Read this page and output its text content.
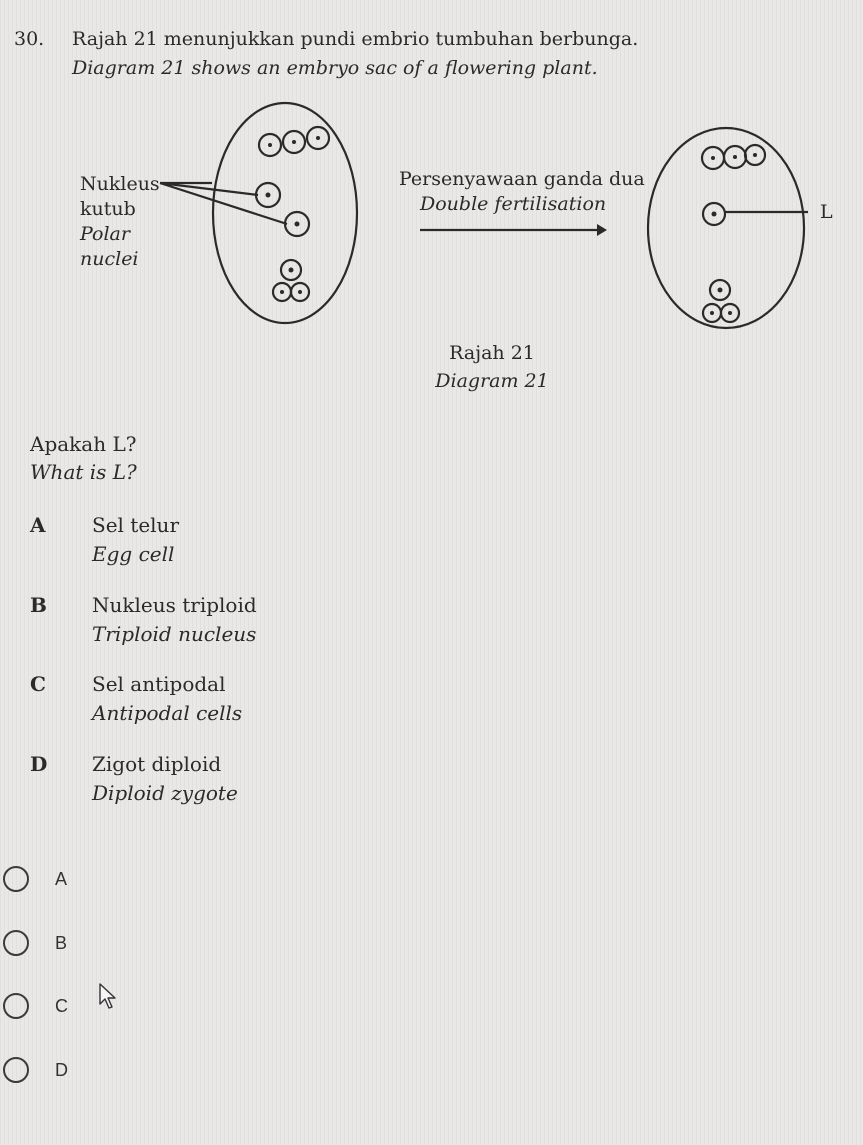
30. Rajah 21 menunjukkan pundi embrio tumbuhan berbunga.
Diagram 21 shows an embryo sac of a flowering plant.
Nukleus
kutub
Polar
nuclei
Persenyawaan ganda dua
Double fertilisation	L
Rajah 21
Diagram 21
Apakah L?
What is L?
A Sel telur
Egg cell
B Nukleus triploid
Triploid nucleus
C Sel antipodal
Antipodal cells
D Zigot diploid
Diploid zygote
A
B
C
D
